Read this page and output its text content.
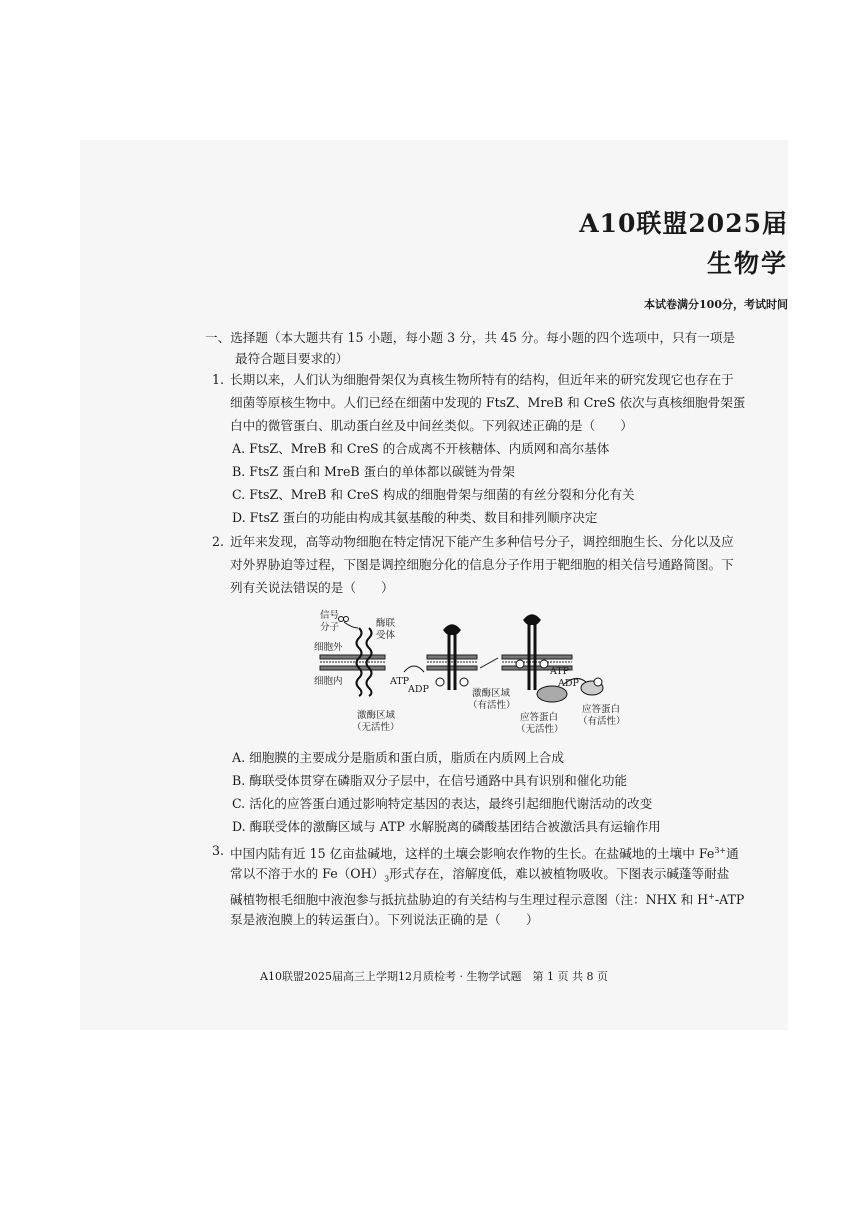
A10联盟2025届
生物学
本试卷满分100分，考试时间
一、选择题（本大题共有 15 小题，每小题 3 分，共 45 分。每小题的四个选项中，只有一项是
最符合题目要求的）
1. 长期以来，人们认为细胞骨架仅为真核生物所特有的结构，但近年来的研究发现它也存在于
细菌等原核生物中。人们已经在细菌中发现的 FtsZ、MreB 和 CreS 依次与真核细胞骨架蛋
白中的微管蛋白、肌动蛋白丝及中间丝类似。下列叙述正确的是（　　）
A. FtsZ、MreB 和 CreS 的合成离不开核糖体、内质网和高尔基体
B. FtsZ 蛋白和 MreB 蛋白的单体都以碳链为骨架
C. FtsZ、MreB 和 CreS 构成的细胞骨架与细菌的有丝分裂和分化有关
D. FtsZ 蛋白的功能由构成其氨基酸的种类、数目和排列顺序决定
2. 近年来发现，高等动物细胞在特定情况下能产生多种信号分子，调控细胞生长、分化以及应
对外界胁迫等过程，下图是调控细胞分化的信息分子作用于靶细胞的相关信号通路简图。下
列有关说法错误的是（　　）
信号
分子	酶联
受体
细胞外
细胞内	ATP
ADP
激酶区域
（无活性）
激酶区域
（有活性）
ATP
ADP
应答蛋白
（无活性）
应答蛋白
（有活性）
A. 细胞膜的主要成分是脂质和蛋白质，脂质在内质网上合成
B. 酶联受体贯穿在磷脂双分子层中，在信号通路中具有识别和催化功能
C. 活化的应答蛋白通过影响特定基因的表达，最终引起细胞代谢活动的改变
D. 酶联受体的激酶区域与 ATP 水解脱离的磷酸基团结合被激活具有运输作用
3. 中国内陆有近 15 亿亩盐碱地，这样的土壤会影响农作物的生长。在盐碱地的土壤中 $Fe^{3+}$通
常以不溶于水的 $Fe(OH)_3$形式存在，溶解度低，难以被植物吸收。下图表示碱蓬等耐盐
碱植物根毛细胞中液泡参与抵抗盐胁迫的有关结构与生理过程示意图（注：NHX 和 H+-ATP
泵是液泡膜上的转运蛋白）。下列说法正确的是（　　）
A10联盟2025届高三上学期12月质检考 · 生物学试题　第 1 页 共 8 页
